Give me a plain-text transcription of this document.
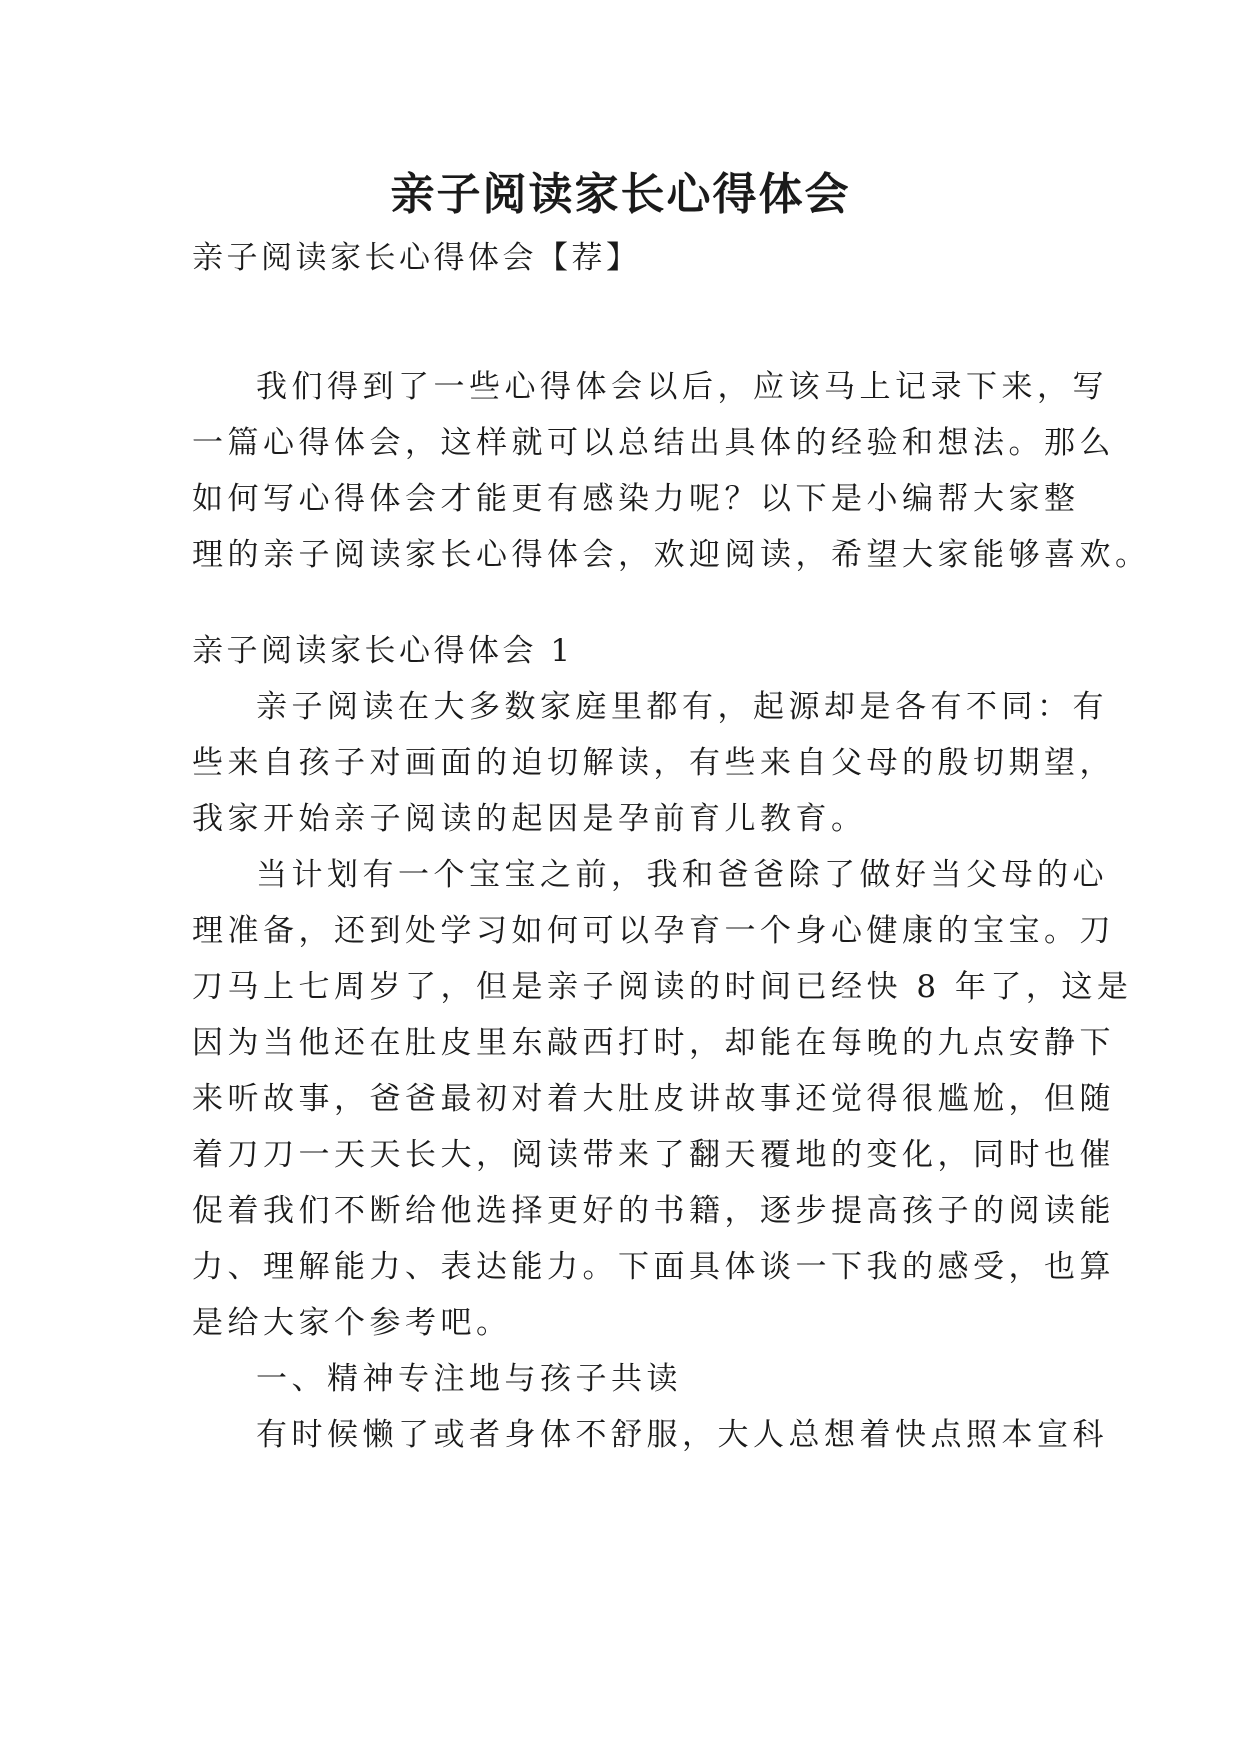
亲子阅读家长心得体会
亲子阅读家长心得体会【荐】
我们得到了一些心得体会以后，应该马上记录下来，写
一篇心得体会，这样就可以总结出具体的经验和想法。那么
如何写心得体会才能更有感染力呢？以下是小编帮大家整
理的亲子阅读家长心得体会，欢迎阅读，希望大家能够喜欢。
亲子阅读家长心得体会 1
亲子阅读在大多数家庭里都有，起源却是各有不同：有
些来自孩子对画面的迫切解读，有些来自父母的殷切期望，
我家开始亲子阅读的起因是孕前育儿教育。
当计划有一个宝宝之前，我和爸爸除了做好当父母的心
理准备，还到处学习如何可以孕育一个身心健康的宝宝。刀
刀马上七周岁了，但是亲子阅读的时间已经快 8 年了，这是
因为当他还在肚皮里东敲西打时，却能在每晚的九点安静下
来听故事，爸爸最初对着大肚皮讲故事还觉得很尴尬，但随
着刀刀一天天长大，阅读带来了翻天覆地的变化，同时也催
促着我们不断给他选择更好的书籍，逐步提高孩子的阅读能
力、理解能力、表达能力。下面具体谈一下我的感受，也算
是给大家个参考吧。
一、精神专注地与孩子共读
有时候懒了或者身体不舒服，大人总想着快点照本宣科
